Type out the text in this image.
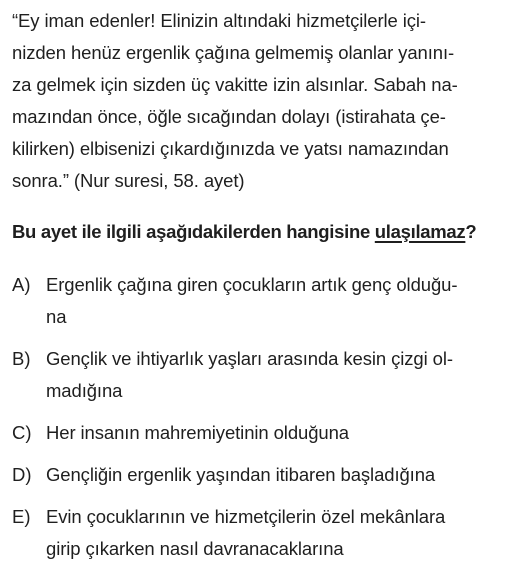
“Ey iman edenler! Elinizin altındaki hizmetçilerle içi-
nizden henüz ergenlik çağına gelmemiş olanlar yanını-
za gelmek için sizden üç vakitte izin alsınlar. Sabah na-
mazından önce, öğle sıcağından dolayı (istirahata çe-
kilirken) elbisenizi çıkardığınızda ve yatsı namazından
sonra.” (Nur suresi, 58. ayet)

Bu ayet ile ilgili aşağıdakilerden hangisine ulaşılamaz?

A) Ergenlik çağına giren çocukların artık genç olduğu-
na
B) Gençlik ve ihtiyarlık yaşları arasında kesin çizgi ol-
madığına
C) Her insanın mahremiyetinin olduğuna
D) Gençliğin ergenlik yaşından itibaren başladığına
E) Evin çocuklarının ve hizmetçilerin özel mekânlara
girip çıkarken nasıl davranacaklarına
